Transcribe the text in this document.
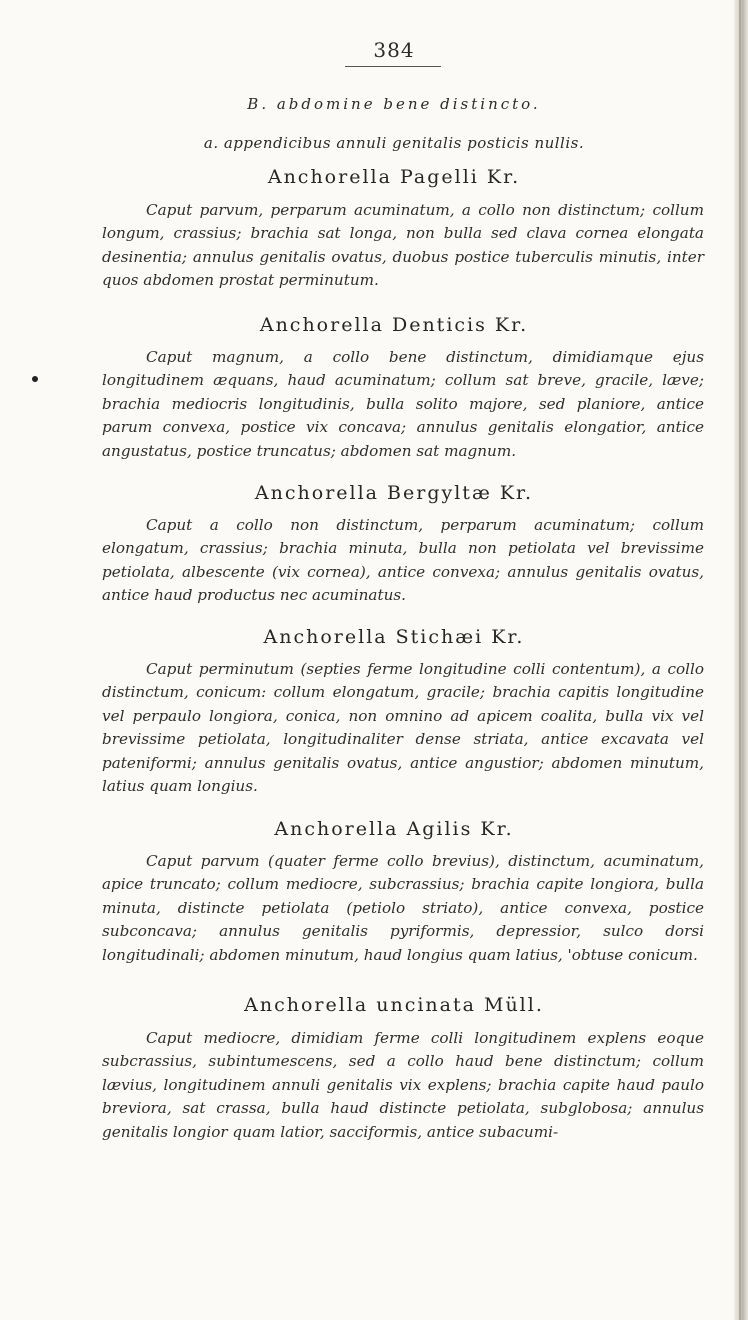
384
B. abdomine bene distincto.
a. appendicibus annuli genitalis posticis nullis.
Anchorella Pagelli Kr.

Caput parvum, perparum acuminatum, a collo non distinctum; collum longum, crassius; brachia sat longa, non bulla sed clava cornea elongata desinentia; annulus genitalis ovatus, duobus postice tuberculis minutis, inter quos abdomen prostat perminutum.

Anchorella Denticis Kr.

Caput magnum, a collo bene distinctum, dimidiamque ejus longitudinem æquans, haud acuminatum; collum sat breve, gracile, læve; brachia mediocris longitudinis, bulla solito majore, sed planiore, antice parum convexa, postice vix concava; annulus genitalis elongatior, antice angustatus, postice truncatus; abdomen sat magnum.

Anchorella Bergyltæ Kr.

Caput a collo non distinctum, perparum acuminatum; collum elongatum, crassius; brachia minuta, bulla non petiolata vel brevissime petiolata, albescente (vix cornea), antice convexa; annulus genitalis ovatus, antice haud productus nec acuminatus.

Anchorella Stichæi Kr.

Caput perminutum (septies ferme longitudine colli contentum), a collo distinctum, conicum: collum elongatum, gracile; brachia capitis longitudine vel perpaulo longiora, conica, non omnino ad apicem coalita, bulla vix vel brevissime petiolata, longitudinaliter dense striata, antice excavata vel pateniformi; annulus genitalis ovatus, antice angustior; abdomen minutum, latius quam longius.

Anchorella Agilis Kr.

Caput parvum (quater ferme collo brevius), distinctum, acuminatum, apice truncato; collum mediocre, subcrassius; brachia capite longiora, bulla minuta, distincte petiolata (petiolo striato), antice convexa, postice subconcava; annulus genitalis pyriformis, depressior, sulco dorsi longitudinali; abdomen minutum, haud longius quam latius, 'obtuse conicum.

Anchorella uncinata Müll.

Caput mediocre, dimidiam ferme colli longitudinem explens eoque subcrassius, subintumescens, sed a collo haud bene distinctum; collum lævius, longitudinem annuli genitalis vix explens; brachia capite haud paulo breviora, sat crassa, bulla haud distincte petiolata, subglobosa; annulus genitalis longior quam latior, sacciformis, antice subacumi-
